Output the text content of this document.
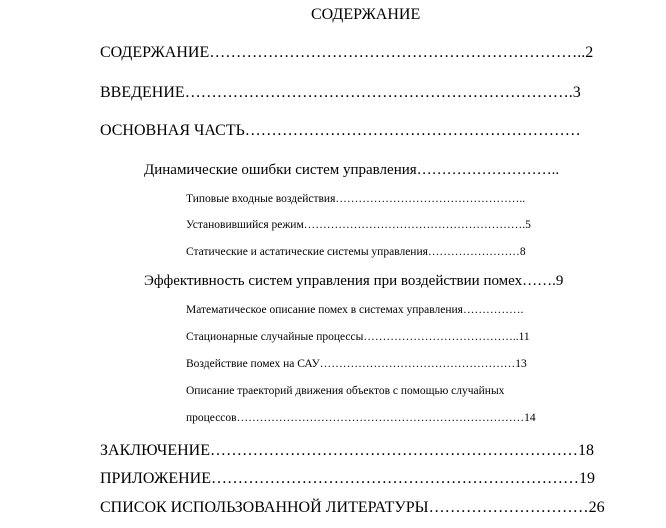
СОДЕРЖАНИЕ
СОДЕРЖАНИЕ……………………………………………………………..2
ВВЕДЕНИЕ……………………………………………………………….3
ОСНОВНАЯ ЧАСТЬ………………………………………………………
Динамические ошибки систем управления………………………..
Типовые входные воздействия…………………………………………..
Установившийся режим………………………………………………….5
Статические и астатические системы управления……………………8
Эффективность систем управления при воздействии помех…….9
Математическое описание помех в системах управления…………….
Стационарные случайные процессы…………………………………..11
Воздействие помех на САУ……………………………………………13
Описание траекторий движения объектов с помощью случайных
процессов…………………………………………………………………14
ЗАКЛЮЧЕНИЕ……………………………………………………………18
ПРИЛОЖЕНИЕ……………………………………………………………19
СПИСОК ИСПОЛЬЗОВАННОЙ ЛИТЕРАТУРЫ…………………………26
